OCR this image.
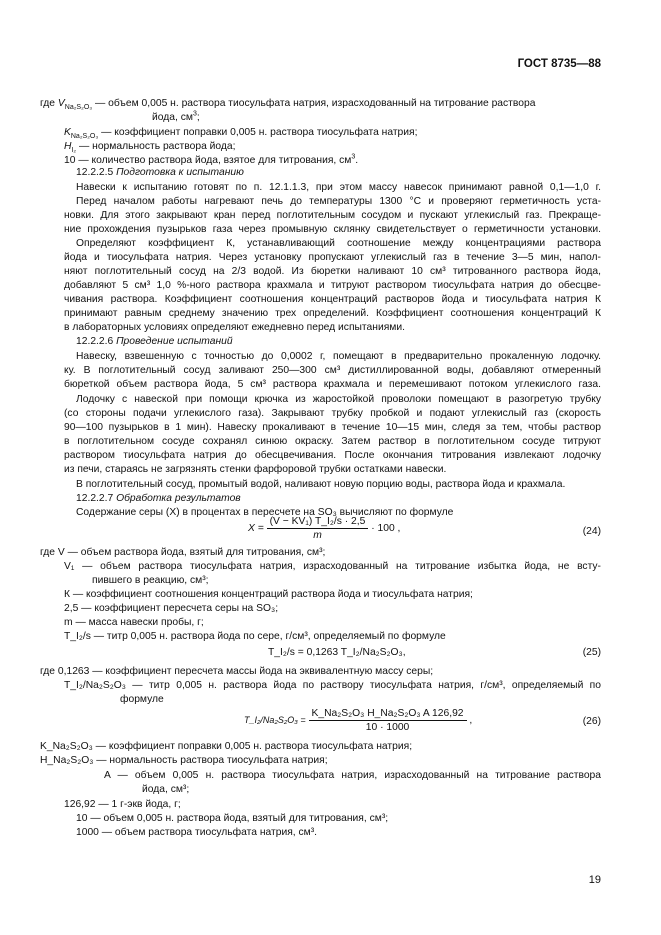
ГОСТ 8735—88
где $V_{Na_2S_2O_3}$ — объем 0,005 н. раствора тиосульфата натрия, израсходованный на титрование раствора
йода, $см^3$;
$K_{Na_2S_2O_3}$ — коэффициент поправки 0,005 н. раствора тиосульфата натрия;
$H_{I_2}$ — нормальность раствора йода;
10 — количество раствора йода, взятое для титрования, $см^3$.
12.2.2.5 Подготовка к испытанию
Навески к испытанию готовят по п. 12.1.1.3, при этом массу навесок принимают равной 0,1—1,0 г.
Перед началом работы нагревают печь до температуры 1300 °С и проверяют герметичность уста-
новки. Для этого закрывают кран перед поглотительным сосудом и пускают углекислый газ. Прекраще-
ние прохождения пузырьков газа через промывную склянку свидетельствует о герметичности установки.
Определяют коэффициент К, устанавливающий соотношение между концентрациями раствора
йода и тиосульфата натрия. Через установку пропускают углекислый газ в течение 3—5 мин, напол-
няют поглотительный сосуд на 2/3 водой. Из бюретки наливают 10 см³ титрованного раствора йода,
добавляют 5 см³ 1,0 %-ного раствора крахмала и титруют раствором тиосульфата натрия до обесцве-
чивания раствора. Коэффициент соотношения концентраций растворов йода и тиосульфата натрия К
принимают равным среднему значению трех определений. Коэффициент соотношения концентраций К
в лабораторных условиях определяют ежедневно перед испытаниями.
12.2.2.6 Проведение испытаний
Навеску, взвешенную с точностью до 0,0002 г, помещают в предварительно прокаленную лодочку.
ку. В поглотительный сосуд заливают 250—300 см³ дистиллированной воды, добавляют отмеренный
бюреткой объем раствора йода, 5 см³ раствора крахмала и перемешивают потоком углекислого газа.
Лодочку с навеской при помощи крючка из жаростойкой проволоки помещают в разогретую трубку
(со стороны подачи углекислого газа). Закрывают трубку пробкой и подают углекислый газ (скорость
90—100 пузырьков в 1 мин). Навеску прокаливают в течение 10—15 мин, следя за тем, чтобы раствор
в поглотительном сосуде сохранял синюю окраску. Затем раствор в поглотительном сосуде титруют
раствором тиосульфата натрия до обесцвечивания. После окончания титрования извлекают лодочку
из печи, стараясь не загрязнять стенки фарфоровой трубки остатками навески.
В поглотительный сосуд, промытый водой, наливают новую порцию воды, раствора йода и крахмала.
12.2.2.7 Обработка результатов
Содержание серы (X) в процентах в пересчете на SO₃ вычисляют по формуле
$X = \frac{\text{(V − KV₁) T\_I₂/s · 2,5}}{m} \cdot 100$ ,	(24)
где V — объем раствора йода, взятый для титрования, см³;
V₁ — объем раствора тиосульфата натрия, израсходованный на титрование избытка йода, не всту-
пившего в реакцию, см³;
К — коэффициент соотношения концентраций раствора йода и тиосульфата натрия;
2,5 — коэффициент пересчета серы на SO₃;
m — масса навески пробы, г;
T_I₂/s — титр 0,005 н. раствора йода по сере, г/см³, определяемый по формуле
T_I₂/s = 0,1263 T_I₂/Na₂S₂O₃,	(25)
где 0,1263 — коэффициент пересчета массы йода на эквивалентную массу серы;
T_I₂/Na₂S₂O₃ — титр 0,005 н. раствора йода по раствору тиосульфата натрия, г/см³, определяемый по
формуле
T_I₂/Na₂S₂O₃ = $\frac{\text{K\_Na₂S₂O₃ H\_Na₂S₂O₃ A 126,92}}{10 \cdot 1000}$ ,	(26)
K_Na₂S₂O₃ — коэффициент поправки 0,005 н. раствора тиосульфата натрия;
H_Na₂S₂O₃ — нормальность раствора тиосульфата натрия;
A — объем 0,005 н. раствора тиосульфата натрия, израсходованный на титрование раствора
йода, см³;
126,92 — 1 г-экв йода, г;
10 — объем 0,005 н. раствора йода, взятый для титрования, см³;
1000 — объем раствора тиосульфата натрия, см³.
19
